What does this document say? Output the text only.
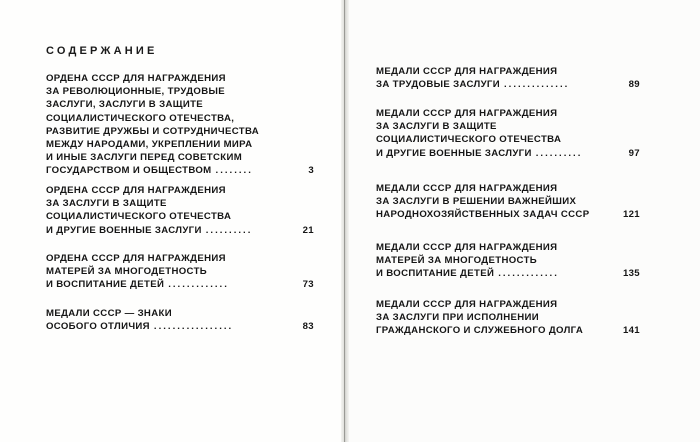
СОДЕРЖАНИЕ
ОРДЕНА СССР ДЛЯ НАГРАЖДЕНИЯ
ЗА РЕВОЛЮЦИОННЫЕ, ТРУДОВЫЕ
ЗАСЛУГИ, ЗАСЛУГИ В ЗАЩИТЕ
СОЦИАЛИСТИЧЕСКОГО ОТЕЧЕСТВА,
РАЗВИТИЕ ДРУЖБЫ И СОТРУДНИЧЕСТВА
МЕЖДУ НАРОДАМИ, УКРЕПЛЕНИИ МИРА
И ИНЫЕ ЗАСЛУГИ ПЕРЕД СОВЕТСКИМ
ГОСУДАРСТВОМ И ОБЩЕСТВОМ ........	3
ОРДЕНА СССР ДЛЯ НАГРАЖДЕНИЯ
ЗА ЗАСЛУГИ В ЗАЩИТЕ
СОЦИАЛИСТИЧЕСКОГО ОТЕЧЕСТВА
И ДРУГИЕ ВОЕННЫЕ ЗАСЛУГИ ..........	21
ОРДЕНА СССР ДЛЯ НАГРАЖДЕНИЯ
МАТЕРЕЙ ЗА МНОГОДЕТНОСТЬ
И ВОСПИТАНИЕ ДЕТЕЙ .............	73
МЕДАЛИ СССР — ЗНАКИ
ОСОБОГО ОТЛИЧИЯ .................	83
МЕДАЛИ СССР ДЛЯ НАГРАЖДЕНИЯ
ЗА ТРУДОВЫЕ ЗАСЛУГИ ..............	89
МЕДАЛИ СССР ДЛЯ НАГРАЖДЕНИЯ
ЗА ЗАСЛУГИ В ЗАЩИТЕ
СОЦИАЛИСТИЧЕСКОГО ОТЕЧЕСТВА
И ДРУГИЕ ВОЕННЫЕ ЗАСЛУГИ ..........	97
МЕДАЛИ СССР ДЛЯ НАГРАЖДЕНИЯ
ЗА ЗАСЛУГИ В РЕШЕНИИ ВАЖНЕЙШИХ
НАРОДНОХОЗЯЙСТВЕННЫХ ЗАДАЧ СССР	121
МЕДАЛИ СССР ДЛЯ НАГРАЖДЕНИЯ
МАТЕРЕЙ ЗА МНОГОДЕТНОСТЬ
И ВОСПИТАНИЕ ДЕТЕЙ .............	135
МЕДАЛИ СССР ДЛЯ НАГРАЖДЕНИЯ
ЗА ЗАСЛУГИ ПРИ ИСПОЛНЕНИИ
ГРАЖДАНСКОГО И СЛУЖЕБНОГО ДОЛГА	141
